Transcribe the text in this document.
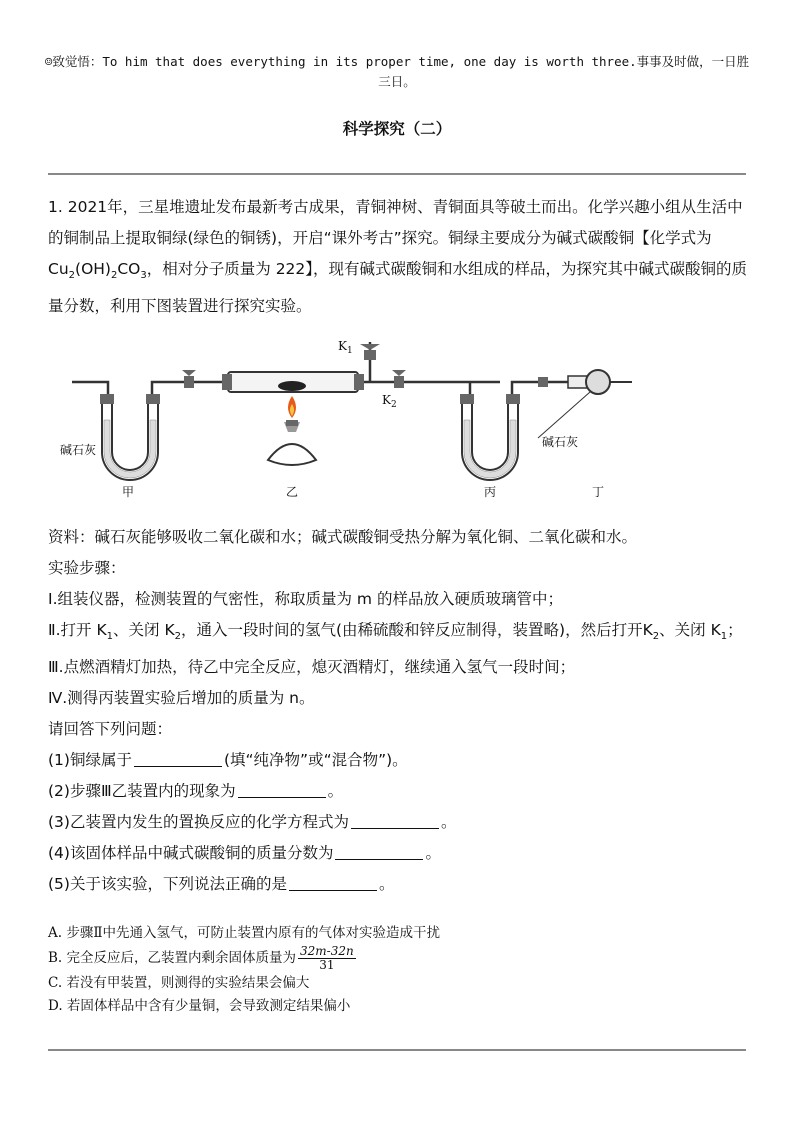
☺致觉悟：To him that does everything in its proper time, one day is worth three.事事及时做，一日胜三日。
科学探究（二）

1. 2021年，三星堆遗址发布最新考古成果，青铜神树、青铜面具等破土而出。化学兴趣小组从生活中的铜制品上提取铜绿(绿色的铜锈)，开启“课外考古”探究。铜绿主要成分为碱式碳酸铜【化学式为 $Cu_2(OH)_2CO_3$，相对分子质量为 222】，现有碱式碳酸铜和水组成的样品，为探究其中碱式碳酸铜的质量分数，利用下图装置进行探究实验。

$K_1$
$K_2$
碱石灰
碱石灰
甲	乙	丙	丁

资料：碱石灰能够吸收二氧化碳和水；碱式碳酸铜受热分解为氧化铜、二氧化碳和水。

实验步骤：

Ⅰ.组装仪器，检测装置的气密性，称取质量为 m 的样品放入硬质玻璃管中；

Ⅱ.打开 $K_1$、关闭 $K_2$，通入一段时间的氢气(由稀硫酸和锌反应制得，装置略)，然后打开$K_2$、关闭 $K_1$；

Ⅲ.点燃酒精灯加热，待乙中完全反应，熄灭酒精灯，继续通入氢气一段时间；

Ⅳ.测得丙装置实验后增加的质量为 n。

请回答下列问题：

(1)铜绿属于	(填“纯净物”或“混合物”)。

(2)步骤Ⅲ乙装置内的现象为	。

(3)乙装置内发生的置换反应的化学方程式为	。

(4)该固体样品中碱式碳酸铜的质量分数为	。

(5)关于该实验，下列说法正确的是	。

A. 步骤Ⅱ中先通入氢气，可防止装置内原有的气体对实验造成干扰
B. 完全反应后，乙装置内剩余固体质量为 $\frac{32m-32n}{31}$
C. 若没有甲装置，则测得的实验结果会偏大
D. 若固体样品中含有少量铜，会导致测定结果偏小
